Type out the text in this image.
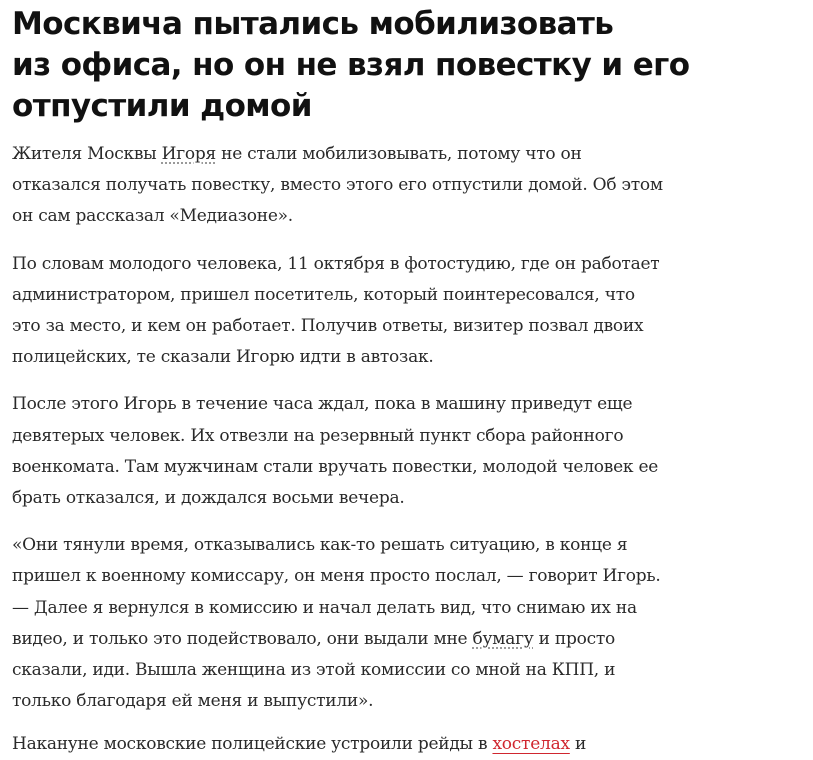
Москвича пытались мобилизовать
из офиса, но он не взял повестку и его
отпустили домой

Жителя Москвы Игоря не стали мобилизовывать, потому что он
отказался получать повестку, вместо этого его отпустили домой. Об этом
он сам рассказал «Медиазоне».

По словам молодого человека, 11 октября в фотостудию, где он работает
администратором, пришел посетитель, который поинтересовался, что
это за место, и кем он работает. Получив ответы, визитер позвал двоих
полицейских, те сказали Игорю идти в автозак.

После этого Игорь в течение часа ждал, пока в машину приведут еще
девятерых человек. Их отвезли на резервный пункт сбора районного
военкомата. Там мужчинам стали вручать повестки, молодой человек ее
брать отказался, и дождался восьми вечера.

«Они тянули время, отказывались как-то решать ситуацию, в конце я
пришел к военному комиссару, он меня просто послал, — говорит Игорь.
— Далее я вернулся в комиссию и начал делать вид, что снимаю их на
видео, и только это подействовало, они выдали мне бумагу и просто
сказали, иди. Вышла женщина из этой комиссии со мной на КПП, и
только благодаря ей меня и выпустили».

Накануне московские полицейские устроили рейды в хостелах и
